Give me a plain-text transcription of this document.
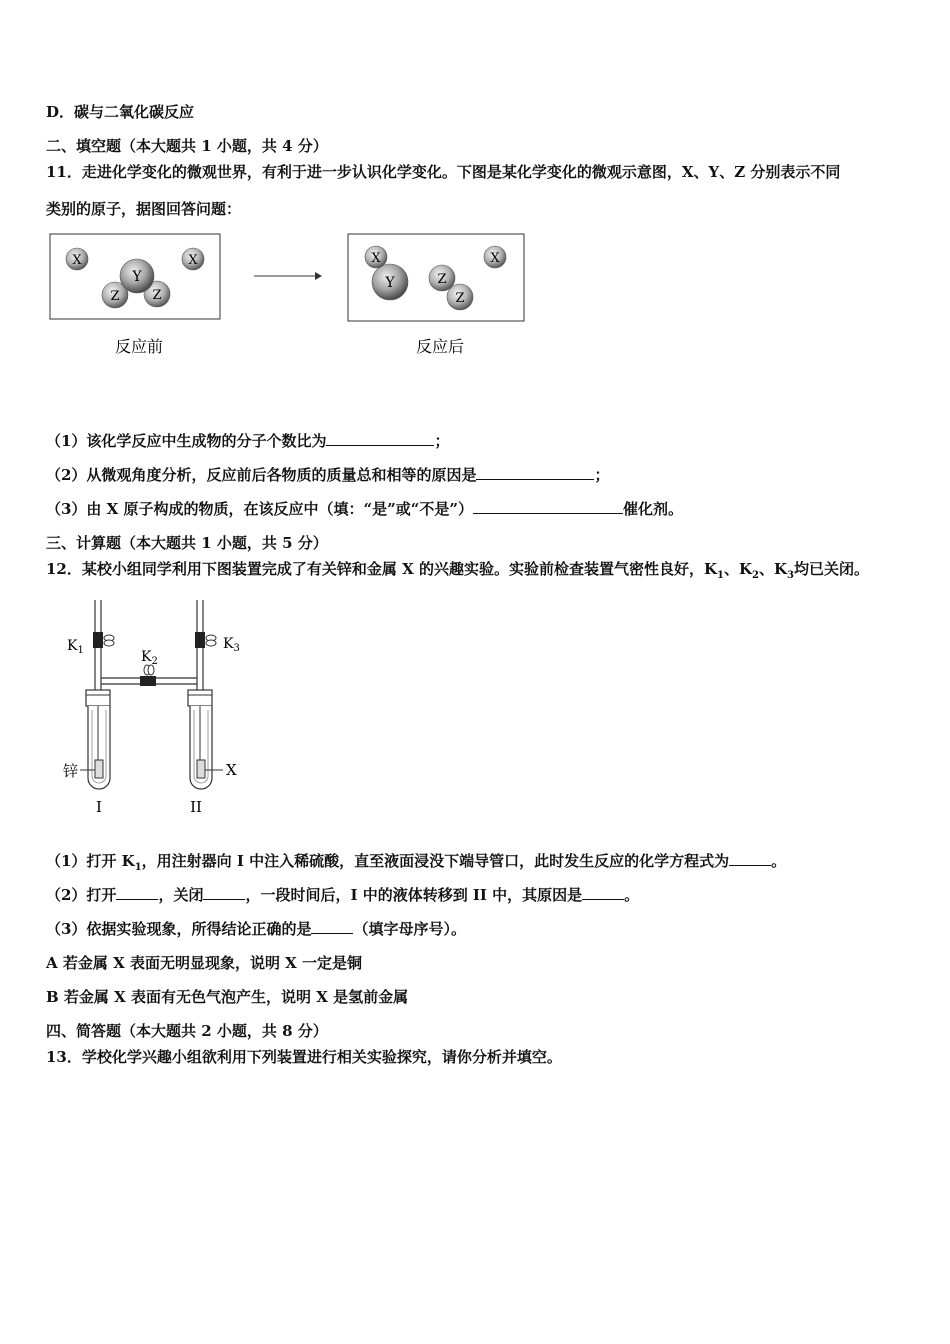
D．碳与二氧化碳反应
二、填空题（本大题共 1 小题，共 4 分）
11．走进化学变化的微观世界，有利于进一步认识化学变化。下图是某化学变化的微观示意图，X、Y、Z 分别表示不同
类别的原子，据图回答问题：
X	X
Y
Z	Z
X
Y	Z
Z
X
反应前	反应后
（1）该化学反应中生成物的分子个数比为	；
（2）从微观角度分析，反应前后各物质的质量总和相等的原因是	；
（3）由 X 原子构成的物质，在该反应中（填：“是”或“不是”）	催化剂。
三、计算题（本大题共 1 小题，共 5 分）
12．某校小组同学利用下图装置完成了有关锌和金属 X 的兴趣实验。实验前检查装置气密性良好，$K_1$、$K_2$、$K_3$均已关闭。
$K_1$	$K_2$
$K_3$
锌	X
I	II
（1）打开 $K_1$，用注射器向 I 中注入稀硫酸，直至液面浸没下端导管口，此时发生反应的化学方程式为	。
（2）打开	，关闭	，一段时间后，I 中的液体转移到 II 中，其原因是	。
（3）依据实验现象，所得结论正确的是	（填字母序号）。
A 若金属 X 表面无明显现象，说明 X 一定是铜
B 若金属 X 表面有无色气泡产生，说明 X 是氢前金属
四、简答题（本大题共 2 小题，共 8 分）
13．学校化学兴趣小组欲利用下列装置进行相关实验探究，请你分析并填空。
